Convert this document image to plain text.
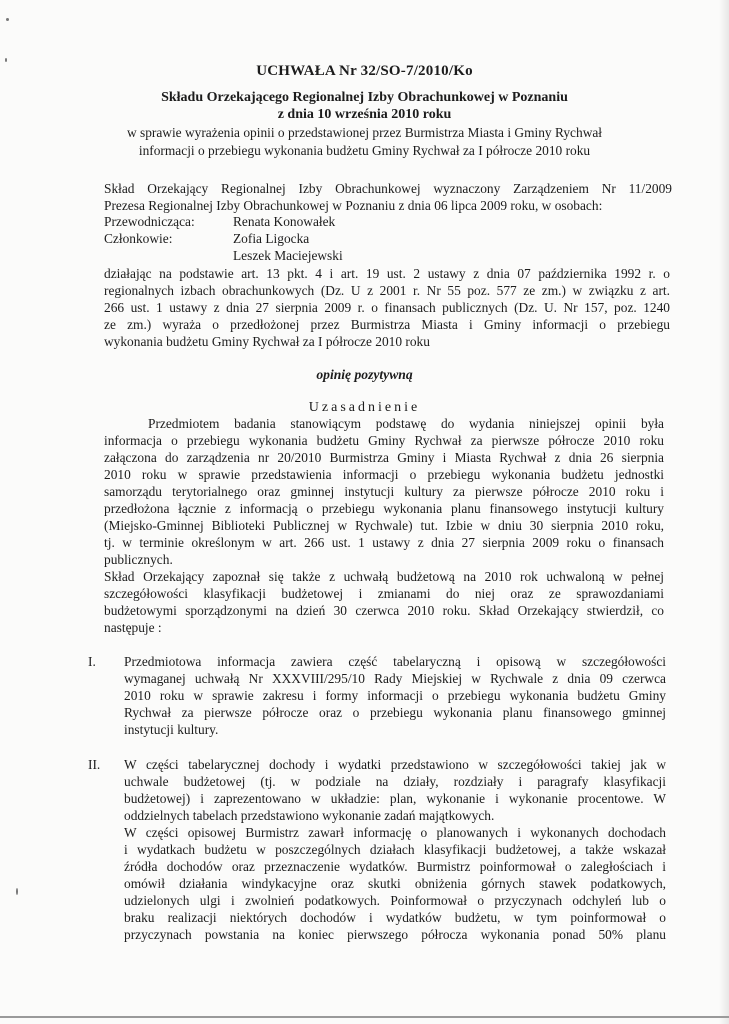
UCHWAŁA Nr 32/SO-7/2010/Ko
Składu Orzekającego Regionalnej Izby Obrachunkowej w Poznaniu
z dnia 10 września 2010 roku
w sprawie wyrażenia opinii o przedstawionej przez Burmistrza Miasta i Gminy Rychwał
informacji o przebiegu wykonania budżetu Gminy Rychwał za I półrocze 2010 roku
Skład Orzekający Regionalnej Izby Obrachunkowej wyznaczony Zarządzeniem Nr 11/2009
Prezesa Regionalnej Izby Obrachunkowej w Poznaniu z dnia 06 lipca 2009 roku, w osobach:
Przewodnicząca:	Renata Konowałek
Członkowie:	Zofia Ligocka
Leszek Maciejewski
działając na podstawie art. 13 pkt. 4 i art. 19 ust. 2 ustawy z dnia 07 października 1992 r. o
regionalnych izbach obrachunkowych (Dz. U z 2001 r. Nr 55 poz. 577 ze zm.) w związku z art.
266 ust. 1 ustawy z dnia 27 sierpnia 2009 r. o finansach publicznych (Dz. U. Nr 157, poz. 1240
ze zm.) wyraża o przedłożonej przez Burmistrza Miasta i Gminy informacji o przebiegu
wykonania budżetu Gminy Rychwał za I półrocze 2010 roku
opinię pozytywną
Uzasadnienie
Przedmiotem badania stanowiącym podstawę do wydania niniejszej opinii była
informacja o przebiegu wykonania budżetu Gminy Rychwał za pierwsze półrocze 2010 roku
załączona do zarządzenia nr 20/2010 Burmistrza Gminy i Miasta Rychwał z dnia 26 sierpnia
2010 roku w sprawie przedstawienia informacji o przebiegu wykonania budżetu jednostki
samorządu terytorialnego oraz gminnej instytucji kultury za pierwsze półrocze 2010 roku i
przedłożona łącznie z informacją o przebiegu wykonania planu finansowego instytucji kultury
(Miejsko-Gminnej Biblioteki Publicznej w Rychwale) tut. Izbie w dniu 30 sierpnia 2010 roku,
tj. w terminie określonym w art. 266 ust. 1 ustawy z dnia 27 sierpnia 2009 roku o finansach
publicznych.
Skład Orzekający zapoznał się także z uchwałą budżetową na 2010 rok uchwaloną w pełnej
szczegółowości klasyfikacji budżetowej i zmianami do niej oraz ze sprawozdaniami
budżetowymi sporządzonymi na dzień 30 czerwca 2010 roku. Skład Orzekający stwierdził, co
następuje :
I. Przedmiotowa informacja zawiera część tabelaryczną i opisową w szczegółowości
wymaganej uchwałą Nr XXXVIII/295/10 Rady Miejskiej w Rychwale z dnia 09 czerwca
2010 roku w sprawie zakresu i formy informacji o przebiegu wykonania budżetu Gminy
Rychwał za pierwsze półrocze oraz o przebiegu wykonania planu finansowego gminnej
instytucji kultury.
II. W części tabelarycznej dochody i wydatki przedstawiono w szczegółowości takiej jak w
uchwale budżetowej (tj. w podziale na działy, rozdziały i paragrafy klasyfikacji
budżetowej) i zaprezentowano w układzie: plan, wykonanie i wykonanie procentowe. W
oddzielnych tabelach przedstawiono wykonanie zadań majątkowych.
W części opisowej Burmistrz zawarł informację o planowanych i wykonanych dochodach
i wydatkach budżetu w poszczególnych działach klasyfikacji budżetowej, a także wskazał
źródła dochodów oraz przeznaczenie wydatków. Burmistrz poinformował o zaległościach i
omówił działania windykacyjne oraz skutki obniżenia górnych stawek podatkowych,
udzielonych ulgi i zwolnień podatkowych. Poinformował o przyczynach odchyleń lub o
braku realizacji niektórych dochodów i wydatków budżetu, w tym poinformował o
przyczynach powstania na koniec pierwszego półrocza wykonania ponad 50% planu
